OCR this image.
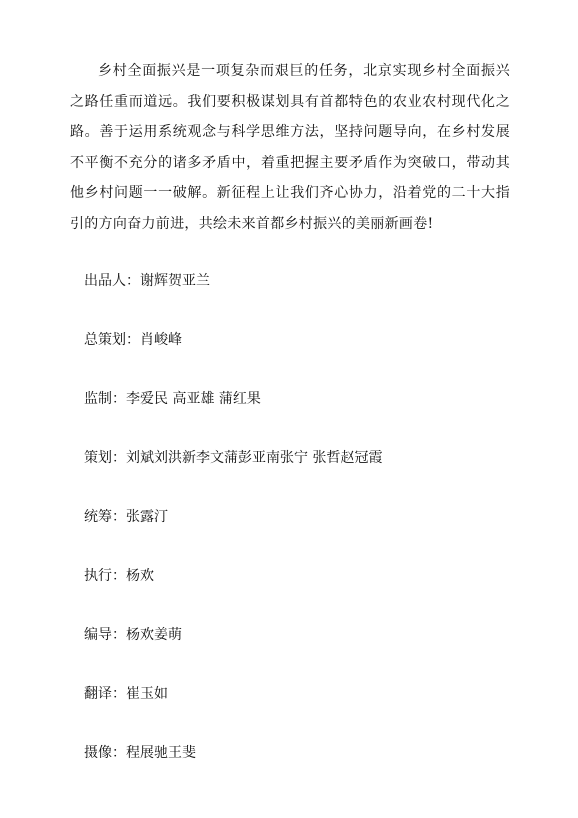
乡村全面振兴是一项复杂而艰巨的任务，北京实现乡村全面振兴之路任重而道远。我们要积极谋划具有首都特色的农业农村现代化之路。善于运用系统观念与科学思维方法，坚持问题导向，在乡村发展不平衡不充分的诸多矛盾中，着重把握主要矛盾作为突破口，带动其他乡村问题一一破解。新征程上让我们齐心协力，沿着党的二十大指引的方向奋力前进，共绘未来首都乡村振兴的美丽新画卷!

出品人：谢辉贺亚兰
总策划：肖峻峰
监制：李爱民 高亚雄 蒲红果
策划：刘斌刘洪新李文蒲彭亚南张宁 张哲赵冠霞
统筹：张露汀
执行：杨欢
编导：杨欢姜萌
翻译：崔玉如
摄像：程展驰王斐
